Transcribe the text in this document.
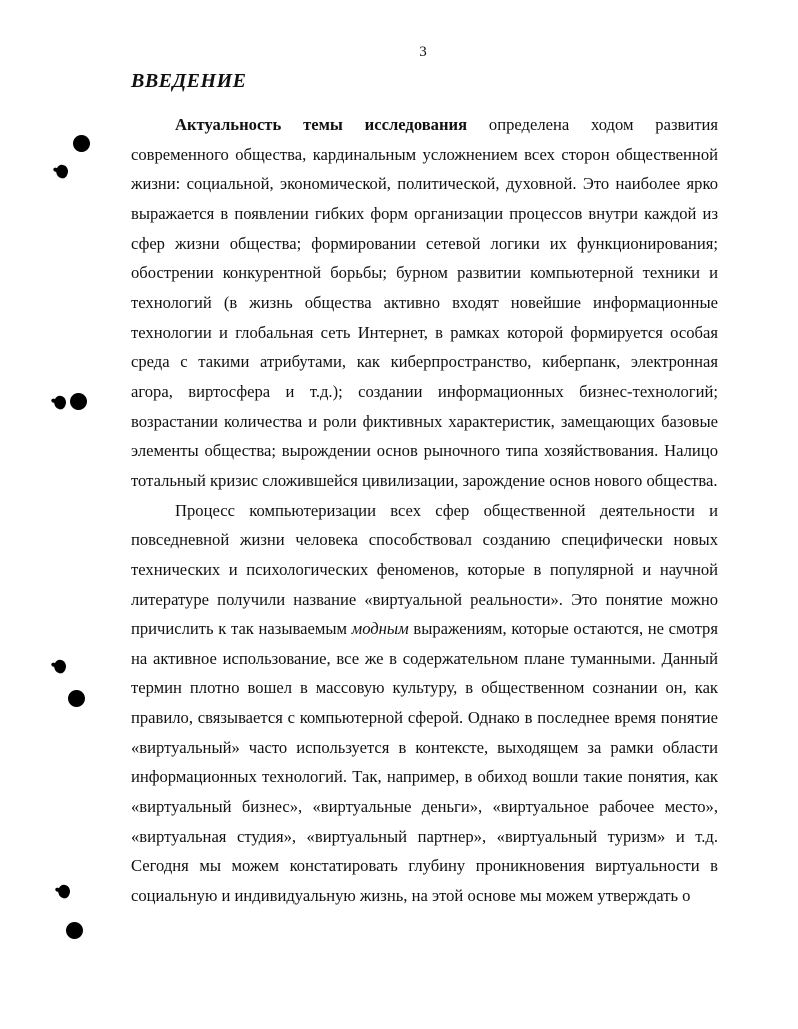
3
ВВЕДЕНИЕ

Актуальность темы исследования определена ходом развития современного общества, кардинальным усложнением всех сторон общественной жизни: социальной, экономической, политической, духовной. Это наиболее ярко выражается в появлении гибких форм организации процессов внутри каждой из сфер жизни общества; формировании сетевой логики их функционирования; обострении конкурентной борьбы; бурном развитии компьютерной техники и технологий (в жизнь общества активно входят новейшие информационные технологии и глобальная сеть Интернет, в рамках которой формируется особая среда с такими атрибутами, как киберпространство, киберпанк, электронная агора, виртосфера и т.д.); создании информационных бизнес-технологий; возрастании количества и роли фиктивных характеристик, замещающих базовые элементы общества; вырождении основ рыночного типа хозяйствования. Налицо тотальный кризис сложившейся цивилизации, зарождение основ нового общества.

Процесс компьютеризации всех сфер общественной деятельности и повседневной жизни человека способствовал созданию специфически новых технических и психологических феноменов, которые в популярной и научной литературе получили название «виртуальной реальности». Это понятие можно причислить к так называемым модным выражениям, которые остаются, не смотря на активное использование, все же в содержательном плане туманными. Данный термин плотно вошел в массовую культуру, в общественном сознании он, как правило, связывается с компьютерной сферой. Однако в последнее время понятие «виртуальный» часто используется в контексте, выходящем за рамки области информационных технологий. Так, например, в обиход вошли такие понятия, как «виртуальный бизнес», «виртуальные деньги», «виртуальное рабочее место», «виртуальная студия», «виртуальный партнер», «виртуальный туризм» и т.д. Сегодня мы можем констатировать глубину проникновения виртуальности в социальную и индивидуальную жизнь, на этой основе мы можем утверждать о
